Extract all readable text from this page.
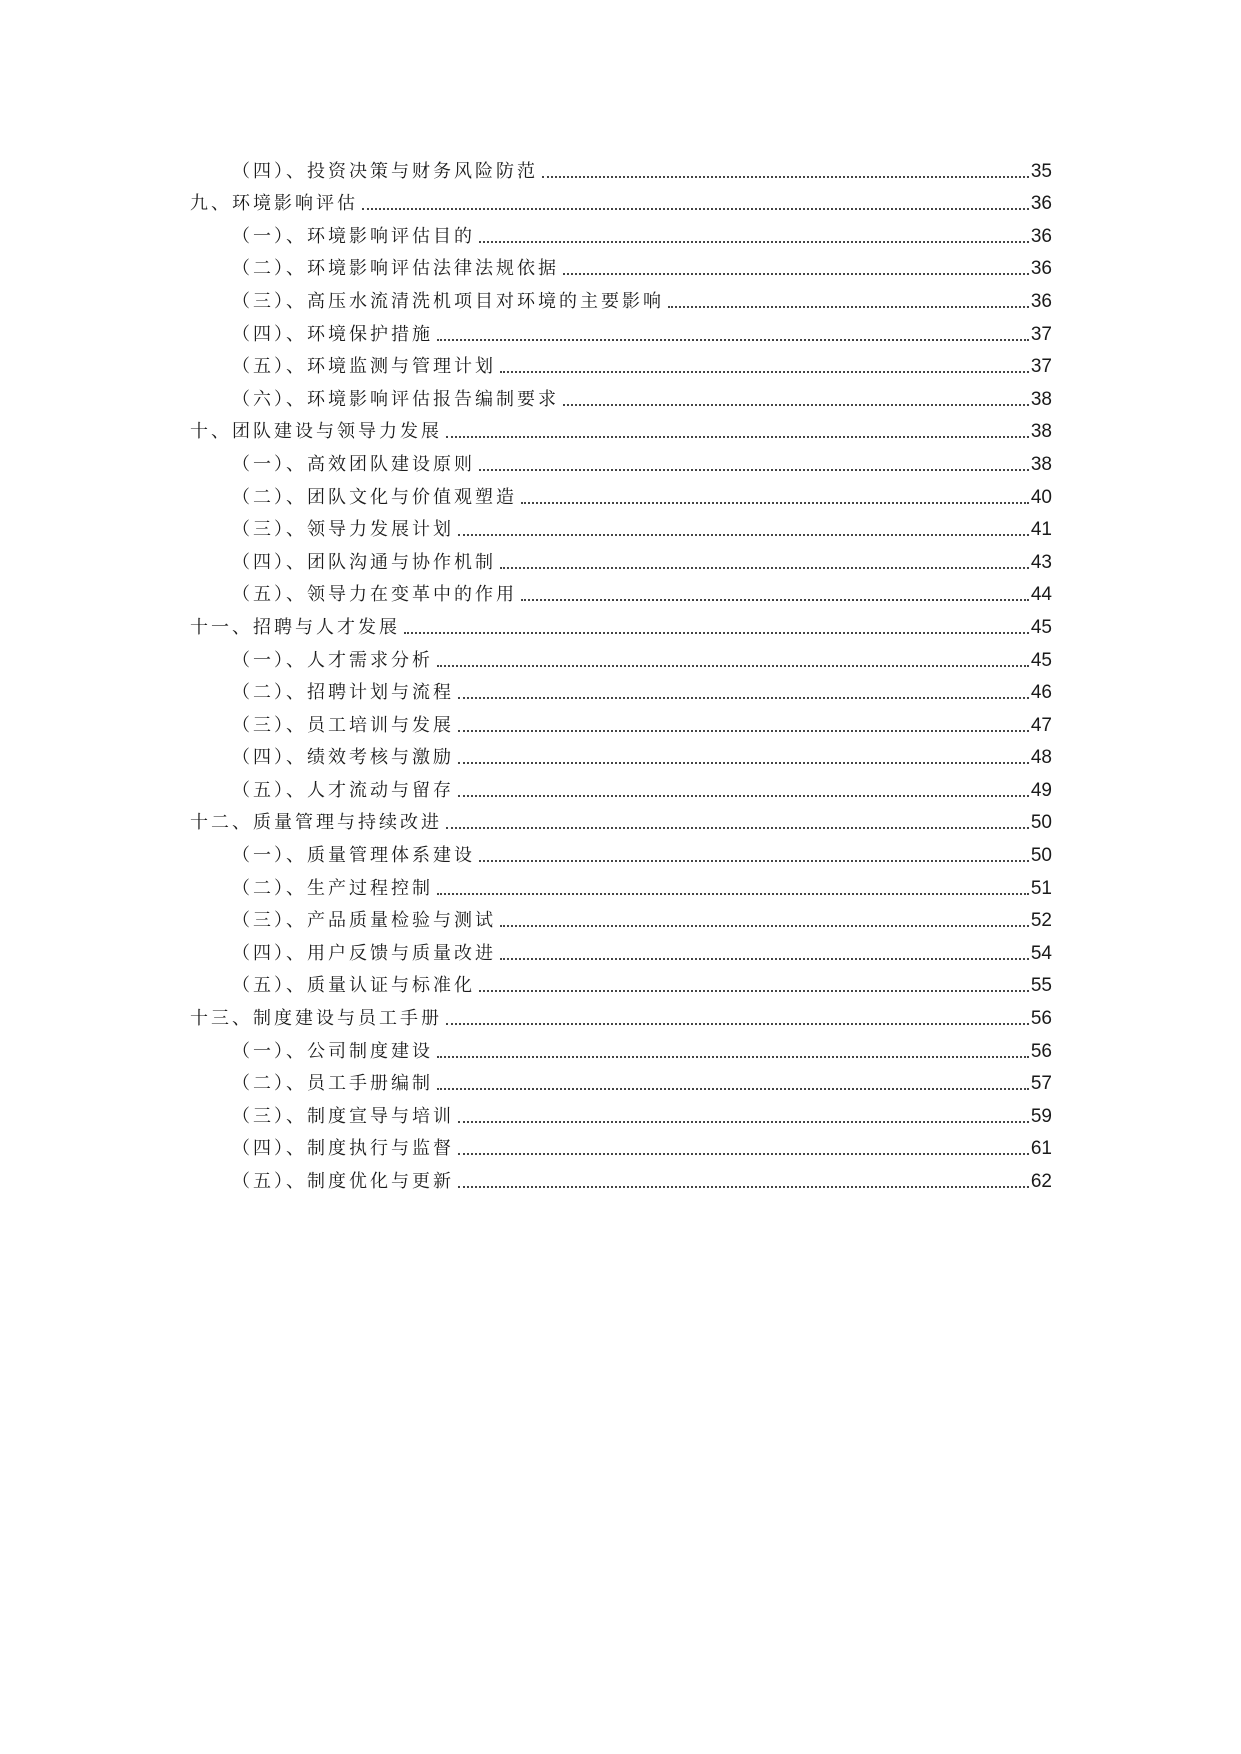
（四）、投资决策与财务风险防范	35
九、环境影响评估	36
（一）、环境影响评估目的	36
（二）、环境影响评估法律法规依据	36
（三）、高压水流清洗机项目对环境的主要影响	36
（四）、环境保护措施	37
（五）、环境监测与管理计划	37
（六）、环境影响评估报告编制要求	38
十、团队建设与领导力发展	38
（一）、高效团队建设原则	38
（二）、团队文化与价值观塑造	40
（三）、领导力发展计划	41
（四）、团队沟通与协作机制	43
（五）、领导力在变革中的作用	44
十一、招聘与人才发展	45
（一）、人才需求分析	45
（二）、招聘计划与流程	46
（三）、员工培训与发展	47
（四）、绩效考核与激励	48
（五）、人才流动与留存	49
十二、质量管理与持续改进	50
（一）、质量管理体系建设	50
（二）、生产过程控制	51
（三）、产品质量检验与测试	52
（四）、用户反馈与质量改进	54
（五）、质量认证与标准化	55
十三、制度建设与员工手册	56
（一）、公司制度建设	56
（二）、员工手册编制	57
（三）、制度宣导与培训	59
（四）、制度执行与监督	61
（五）、制度优化与更新	62
